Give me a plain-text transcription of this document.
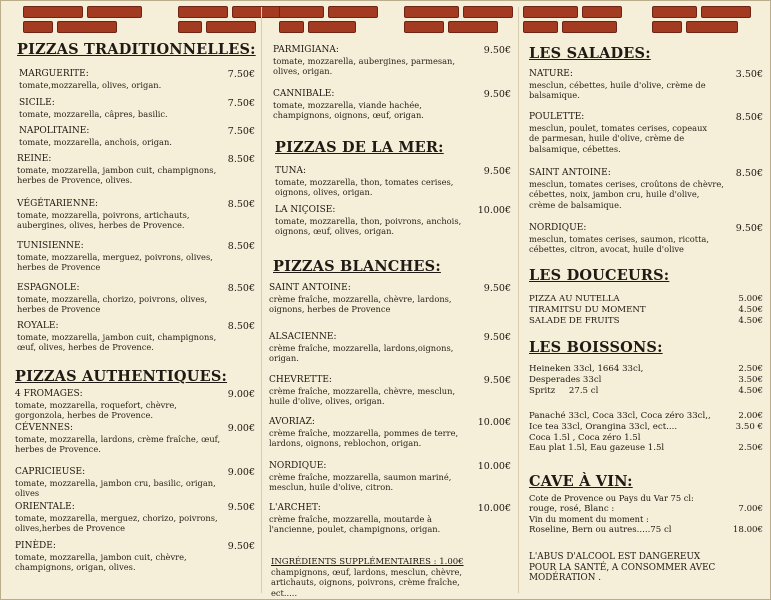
PIZZAS TRADITIONNELLES:
MARGUERITE:	7.50€
tomate,mozzarella, olives, origan.
SICILE:	7.50€
tomate, mozzarella, câpres, basilic.
NAPOLITAINE:	7.50€
tomate, mozzarella, anchois, origan.
REINE:	8.50€
tomate, mozzarella, jambon cuit, champignons, herbes de Provence, olives.
VÉGÉTARIENNE:	8.50€
tomate, mozzarella, poivrons, artichauts, aubergines, olives, herbes de Provence.
TUNISIENNE:	8.50€
tomate, mozzarella, merguez, poivrons, olives, herbes de Provence
ESPAGNOLE:	8.50€
tomate, mozzarella, chorizo, poivrons, olives, herbes de Provence
ROYALE:	8.50€
tomate, mozzarella, jambon cuit, champignons, œuf, olives, herbes de Provence.
PIZZAS AUTHENTIQUES:
4 FROMAGES:	9.00€
tomate, mozzarella, roquefort, chèvre, gorgonzola, herbes de Provence.
CÉVENNES:	9.00€
tomate, mozzarella, lardons, crème fraîche, œuf, herbes de Provence.
CAPRICIEUSE:	9.00€
tomate, mozzarella, jambon cru, basilic, origan, olives
ORIENTALE:	9.50€
tomate, mozzarella, merguez, chorizo, poivrons, olives,herbes de Provence
PINÈDE:	9.50€
tomate, mozzarella, jambon cuit, chèvre, champignons, origan, olives.
PARMIGIANA:	9.50€
tomate, mozzarella, aubergines, parmesan, olives, origan.
CANNIBALE:	9.50€
tomate, mozzarella, viande hachée, champignons, oignons, œuf, origan.
PIZZAS DE LA MER:
TUNA:	9.50€
tomate, mozzarella, thon, tomates cerises, oignons, olives, origan.
LA NIÇOISE:	10.00€
tomate, mozzarella, thon, poivrons, anchois, oignons, œuf, olives, origan.
PIZZAS BLANCHES:
SAINT ANTOINE:	9.50€
crème fraîche, mozzarella, chèvre, lardons, oignons, herbes de Provence
ALSACIENNE:	9.50€
crème fraîche, mozzarella, lardons,oignons, origan.
CHEVRETTE:	9.50€
crème fraîche, mozzarella, chèvre, mesclun, huile d'olive, olives, origan.
AVORIAZ:	10.00€
crème fraîche, mozzarella, pommes de terre, lardons, oignons, reblochon, origan.
NORDIQUE:	10.00€
crème fraîche, mozzarella, saumon mariné, mesclun, huile d'olive, citron.
L'ARCHET:	10.00€
crème fraîche, mozzarella, moutarde à l'ancienne, poulet, champignons, origan.
INGRÉDIENTS SUPPLÉMENTAIRES : 1.00€
champignons, œuf, lardons, mesclun, chèvre, artichauts, oignons, poivrons, crème fraîche, ect.....
LES SALADES:
NATURE:	3.50€
mesclun, cébettes, huile d'olive, crème de balsamique.
POULETTE:	8.50€
mesclun, poulet, tomates cerises, copeaux de parmesan, huile d'olive, crème de balsamique, cébettes.
SAINT ANTOINE:	8.50€
mesclun, tomates cerises, croûtons de chèvre, cébettes, noix, jambon cru, huile d'olive, crème de balsamique.
NORDIQUE:	9.50€
mesclun, tomates cerises, saumon, ricotta, cébettes, citron, avocat, huile d'olive
LES DOUCEURS:
PIZZA AU NUTELLA	5.00€
TIRAMITSU DU MOMENT	4.50€
SALADE DE FRUITS	4.50€
LES BOISSONS:
Heineken 33cl, 1664 33cl,	2.50€
Desperades 33cl	3.50€
Spritz     27.5 cl	4.50€
Panaché 33cl, Coca 33cl, Coca zéro 33cl,,	2.00€
Ice tea 33cl, Orangina 33cl, ect....	3.50 €
Coca 1.5l , Coca zéro 1.5l
Eau plat 1.5l, Eau gazeuse 1.5l	2.50€
CAVE À VIN:
Cote de Provence ou Pays du Var 75 cl:
rouge, rosé, Blanc :	7.00€
Vin du moment du moment :
Roseline, Bern ou autres.....75 cl	18.00€
L'ABUS D'ALCOOL EST DANGEREUX
POUR LA SANTÉ, A CONSOMMER AVEC
MODÉRATION .
